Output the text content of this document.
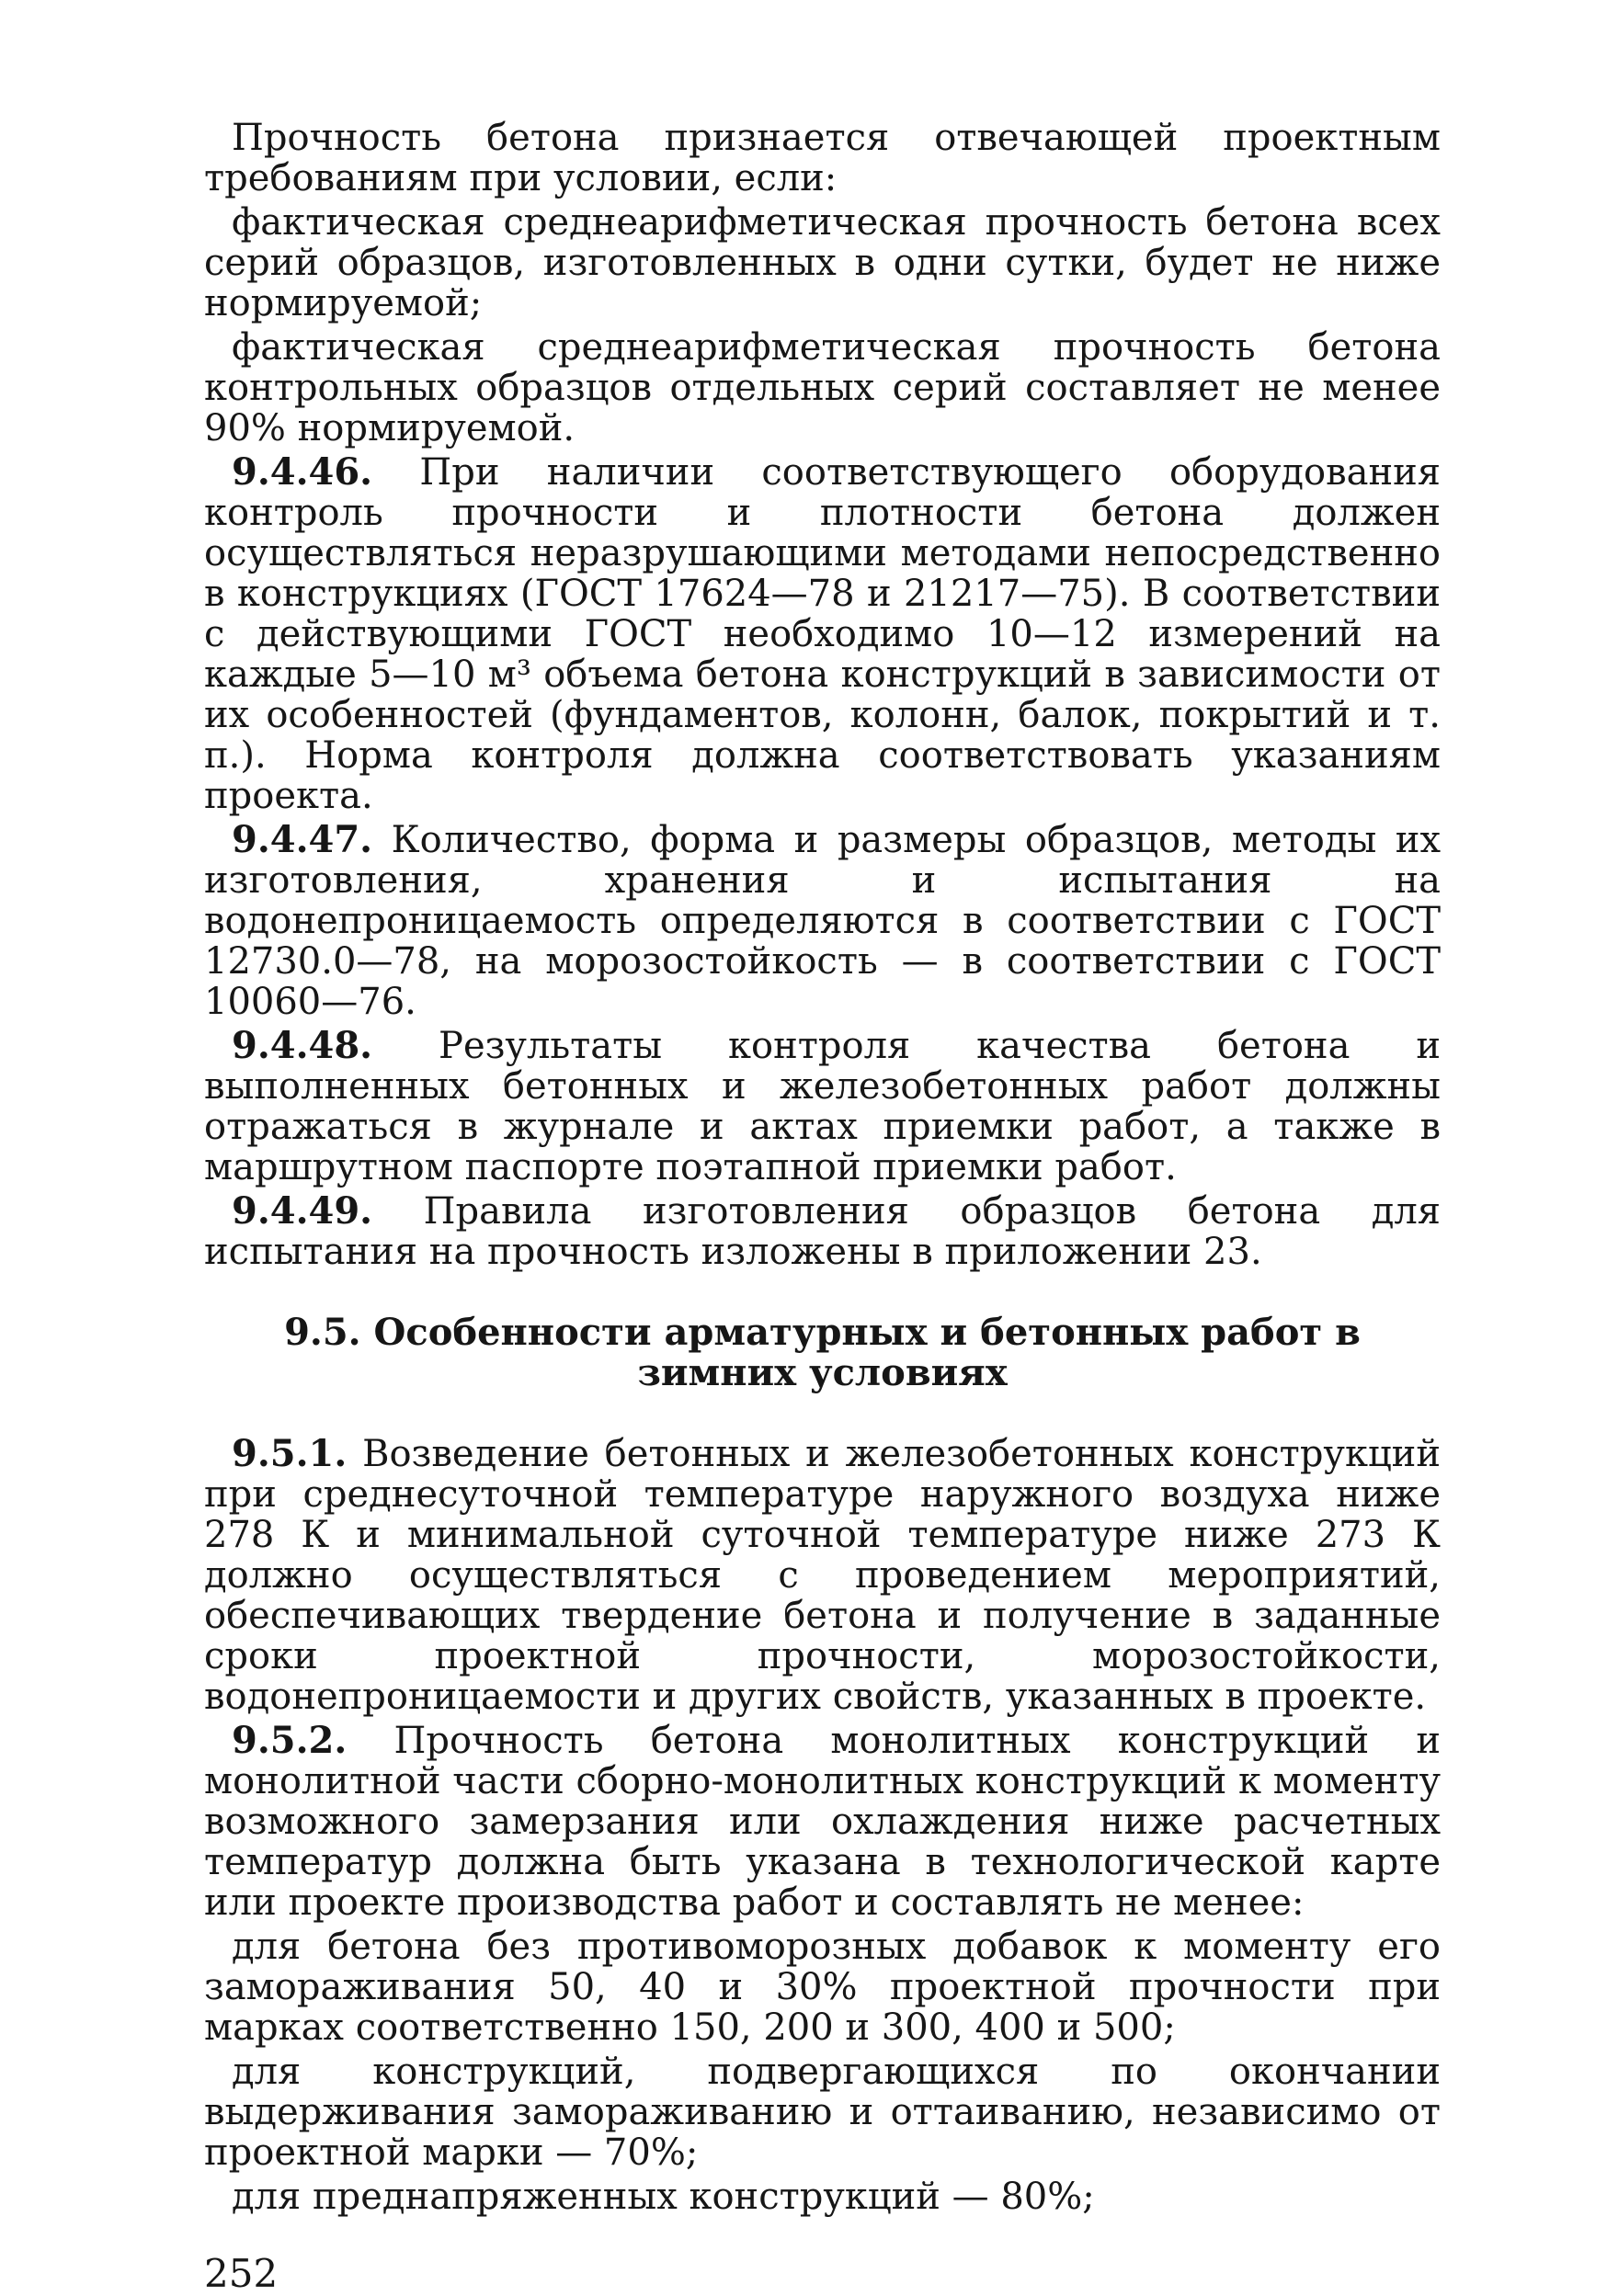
Прочность бетона признается отвечающей проектным требованиям при условии, если:

фактическая среднеарифметическая прочность бетона всех серий образцов, изготовленных в одни сутки, будет не ниже нормируемой;

фактическая среднеарифметическая прочность бетона контрольных образцов отдельных серий составляет не менее 90% нормируемой.

9.4.46. При наличии соответствующего оборудования контроль прочности и плотности бетона должен осуществляться неразрушающими методами непосредственно в конструкциях (ГОСТ 17624—78 и 21217—75). В соответствии с действующими ГОСТ необходимо 10—12 измерений на каждые 5—10 м³ объема бетона конструкций в зависимости от их особенностей (фундаментов, колонн, балок, покрытий и т. п.). Норма контроля должна соответствовать указаниям проекта.

9.4.47. Количество, форма и размеры образцов, методы их изготовления, хранения и испытания на водонепроницаемость определяются в соответствии с ГОСТ 12730.0—78, на морозостойкость — в соответствии с ГОСТ 10060—76.

9.4.48. Результаты контроля качества бетона и выполненных бетонных и железобетонных работ должны отражаться в журнале и актах приемки работ, а также в маршрутном паспорте поэтапной приемки работ.

9.4.49. Правила изготовления образцов бетона для испытания на прочность изложены в приложении 23.

9.5. Особенности арматурных и бетонных работ в зимних условиях

9.5.1. Возведение бетонных и железобетонных конструкций при среднесуточной температуре наружного воздуха ниже 278 К и минимальной суточной температуре ниже 273 К должно осуществляться с проведением мероприятий, обеспечивающих твердение бетона и получение в заданные сроки проектной прочности, морозостойкости, водонепроницаемости и других свойств, указанных в проекте.

9.5.2. Прочность бетона монолитных конструкций и монолитной части сборно-монолитных конструкций к моменту возможного замерзания или охлаждения ниже расчетных температур должна быть указана в технологической карте или проекте производства работ и составлять не менее:

для бетона без противоморозных добавок к моменту его замораживания 50, 40 и 30% проектной прочности при марках соответственно 150, 200 и 300, 400 и 500;

для конструкций, подвергающихся по окончании выдерживания замораживанию и оттаиванию, независимо от проектной марки — 70%;

для преднапряженных конструкций — 80%;

252
